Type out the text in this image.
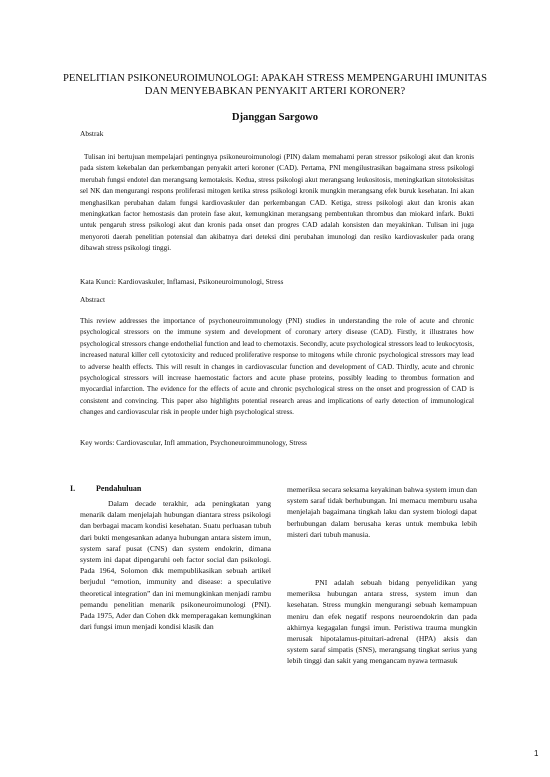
PENELITIAN PSIKONEUROIMUNOLOGI: APAKAH STRESS MEMPENGARUHI IMUNITAS DAN MENYEBABKAN PENYAKIT ARTERI KORONER?
Djanggan Sargowo

Abstrak

Tulisan ini bertujuan mempelajari pentingnya psikoneuroimunologi (PIN) dalam memahami peran stressor psikologi akut dan kronis pada sistem kekebalan dan perkembangan penyakit arteri koroner (CAD). Pertama, PNI mengilustrasikan bagaimana stress psikologi merubah fungsi endotel dan merangsang kemotaksis. Kedua, stress psikologi akut merangsang leukositosis, meningkatkan sitotoksisitas sel NK dan mengurangi respons proliferasi mitogen ketika stress psikologi kronik mungkin merangsang efek buruk kesehatan. Ini akan menghasilkan perubahan dalam fungsi kardiovaskuler dan perkembangan CAD. Ketiga, stress psikologi akut dan kronis akan meningkatkan factor hemostasis dan protein fase akut, kemungkinan merangsang pembentukan thrombus dan miokard infark. Bukti untuk pengaruh stress psikologi akut dan kronis pada onset dan progres CAD adalah konsisten dan meyakinkan. Tulisan ini juga menyoroti daerah penelitian potensial dan akibatnya dari deteksi dini perubahan imunologi dan resiko kardiovaskuler pada orang dibawah stress psikologi tinggi.

Kata Kunci: Kardiovaskuler, Inflamasi, Psikoneuroimunologi, Stress

Abstract

This review addresses the importance of psychoneuroimmunology (PNI) studies in understanding the role of acute and chronic psychological stressors on the immune system and development of coronary artery disease (CAD). Firstly, it illustrates how psychological stressors change endothelial function and lead to chemotaxis. Secondly, acute psychological stressors lead to leukocytosis, increased natural killer cell cytotoxicity and reduced proliferative response to mitogens while chronic psychological stressors may lead to adverse health effects. This will result in changes in cardiovascular function and development of CAD. Thirdly, acute and chronic psychological stressors will increase haemostatic factors and acute phase proteins, possibly leading to thrombus formation and myocardial infarction. The evidence for the effects of acute and chronic psychological stress on the onset and progression of CAD is consistent and convincing. This paper also highlights potential research areas and implications of early detection of immunological changes and cardiovascular risk in people under high psychological stress.

Key words: Cardiovascular, Infl ammation, Psychoneuroimmunology, Stress

I.	Pendahuluan

Dalam decade terakhir, ada peningkatan yang menarik dalam menjelajah hubungan diantara stress psikologi dan berbagai macam kondisi kesehatan. Suatu perluasan tubuh dari bukti mengesankan adanya hubungan antara sistem imun, system saraf pusat (CNS) dan system endokrin, dimana system ini dapat dipengaruhi oeh factor social dan psikologi. Pada 1964, Solomon dkk mempublikasikan sebuah artikel berjudul “emotion, immunity and disease: a speculative theoretical integration” dan ini memungkinkan menjadi rambu pemandu penelitian menarik psikoneuroimunologi (PNI). Pada 1975, Ader dan Cohen dkk memperagakan kemungkinan dari fungsi imun menjadi kondisi klasik dan

memeriksa secara seksama keyakinan bahwa system imun dan system saraf tidak berhubungan. Ini memacu memburu usaha menjelajah bagaimana tingkah laku dan system biologi dapat berhubungan dalam berusaha keras untuk membuka lebih misteri dari tubuh manusia.

PNI adalah sebuah bidang penyelidikan yang memeriksa hubungan antara stress, system imun dan kesehatan. Stress mungkin mengurangi sebuah kemampuan meniru dan efek negatif respons neuroendokrin dan pada akhirnya kegagalan fungsi imun. Peristiwa trauma mungkin merusak hipotalamus-pituitari-adrenal (HPA) aksis dan system saraf simpatis (SNS), merangsang tingkat serius yang lebih tinggi dan sakit yang mengancam nyawa termasuk

1
